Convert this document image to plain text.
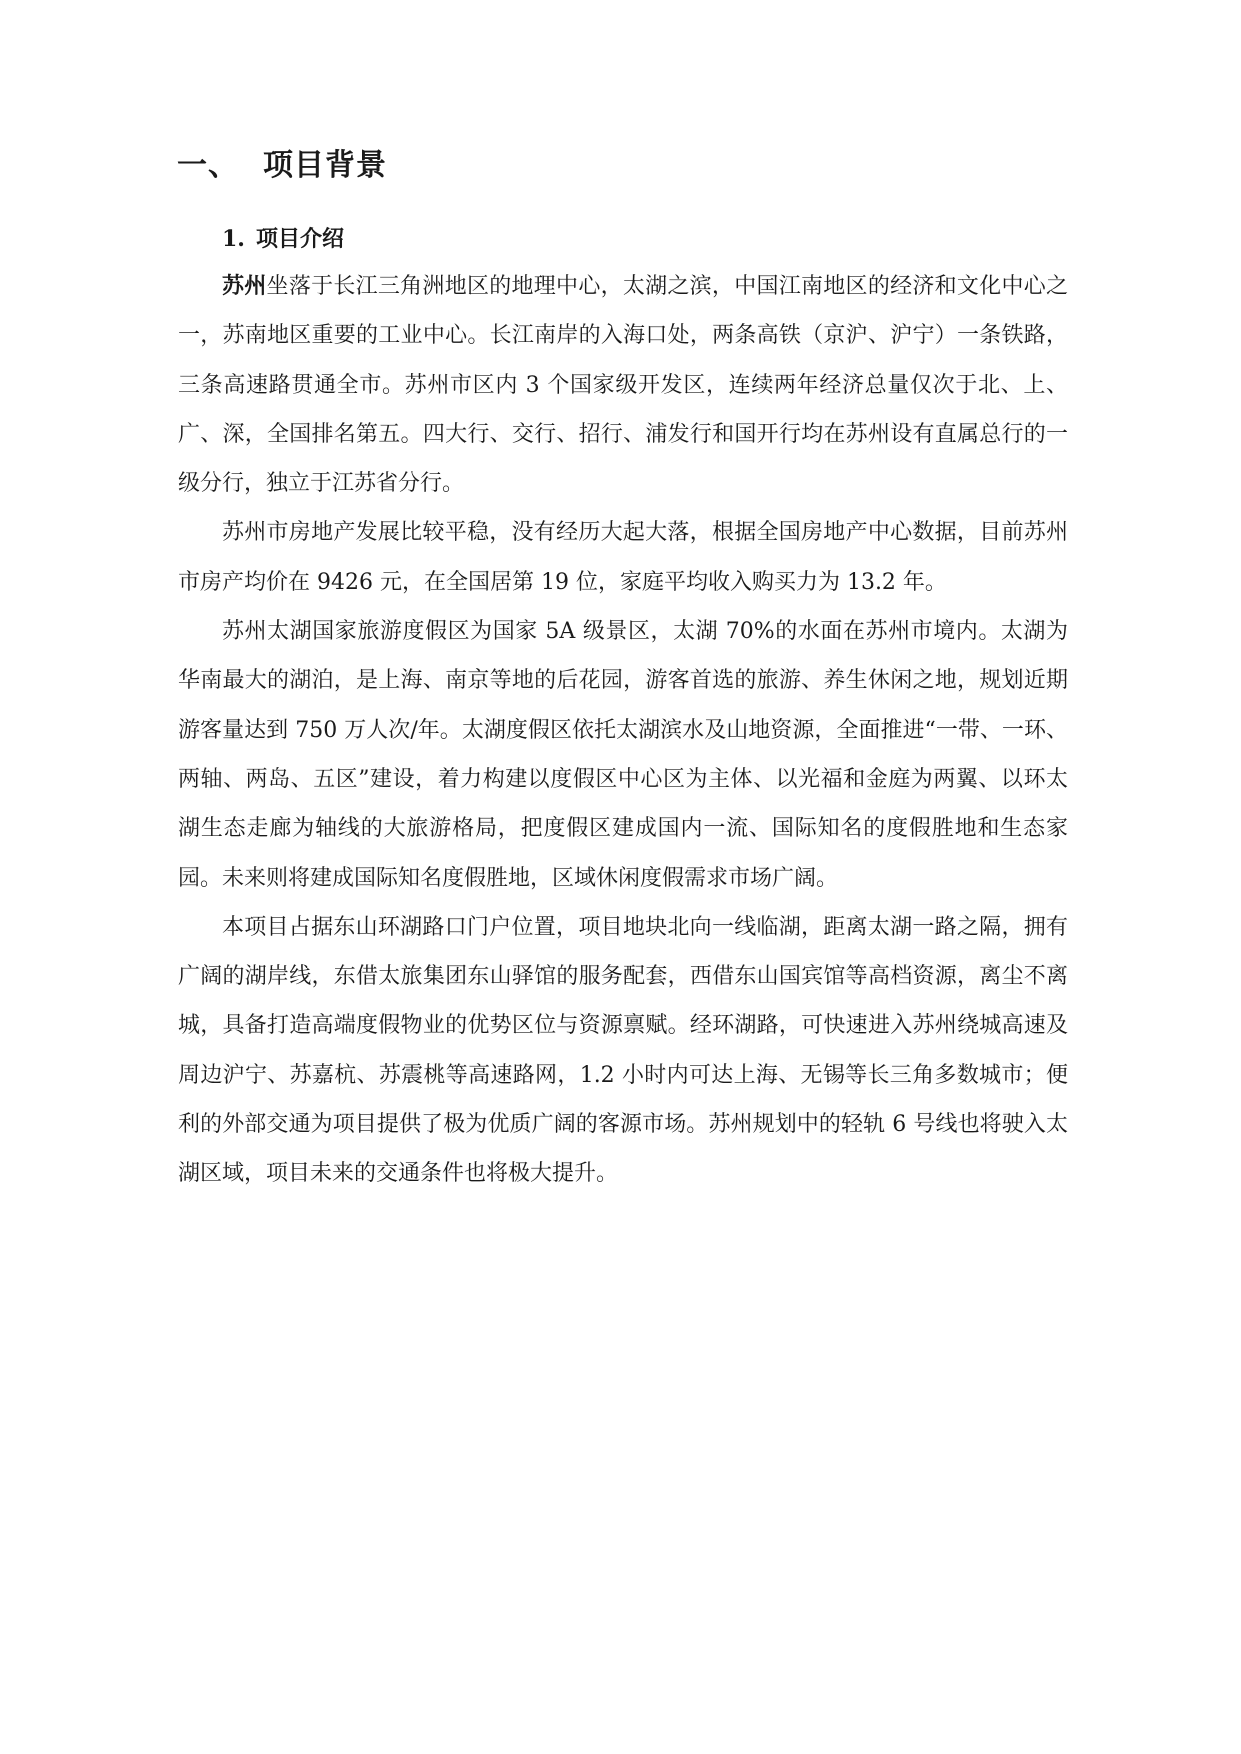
一、 项目背景
1. 项目介绍

苏州坐落于长江三角洲地区的地理中心，太湖之滨，中国江南地区的经济和文化中心之一，苏南地区重要的工业中心。长江南岸的入海口处，两条高铁（京沪、沪宁）一条铁路，三条高速路贯通全市。苏州市区内 3 个国家级开发区，连续两年经济总量仅次于北、上、广、深，全国排名第五。四大行、交行、招行、浦发行和国开行均在苏州设有直属总行的一级分行，独立于江苏省分行。

苏州市房地产发展比较平稳，没有经历大起大落，根据全国房地产中心数据，目前苏州市房产均价在 9426 元，在全国居第 19 位，家庭平均收入购买力为 13.2 年。

苏州太湖国家旅游度假区为国家 5A 级景区，太湖 70%的水面在苏州市境内。太湖为华南最大的湖泊，是上海、南京等地的后花园，游客首选的旅游、养生休闲之地，规划近期游客量达到 750 万人次/年。太湖度假区依托太湖滨水及山地资源，全面推进“一带、一环、两轴、两岛、五区”建设，着力构建以度假区中心区为主体、以光福和金庭为两翼、以环太湖生态走廊为轴线的大旅游格局，把度假区建成国内一流、国际知名的度假胜地和生态家园。未来则将建成国际知名度假胜地，区域休闲度假需求市场广阔。

本项目占据东山环湖路口门户位置，项目地块北向一线临湖，距离太湖一路之隔，拥有广阔的湖岸线，东借太旅集团东山驿馆的服务配套，西借东山国宾馆等高档资源，离尘不离城，具备打造高端度假物业的优势区位与资源禀赋。经环湖路，可快速进入苏州绕城高速及周边沪宁、苏嘉杭、苏震桃等高速路网，1.2 小时内可达上海、无锡等长三角多数城市；便利的外部交通为项目提供了极为优质广阔的客源市场。苏州规划中的轻轨 6 号线也将驶入太湖区域，项目未来的交通条件也将极大提升。
